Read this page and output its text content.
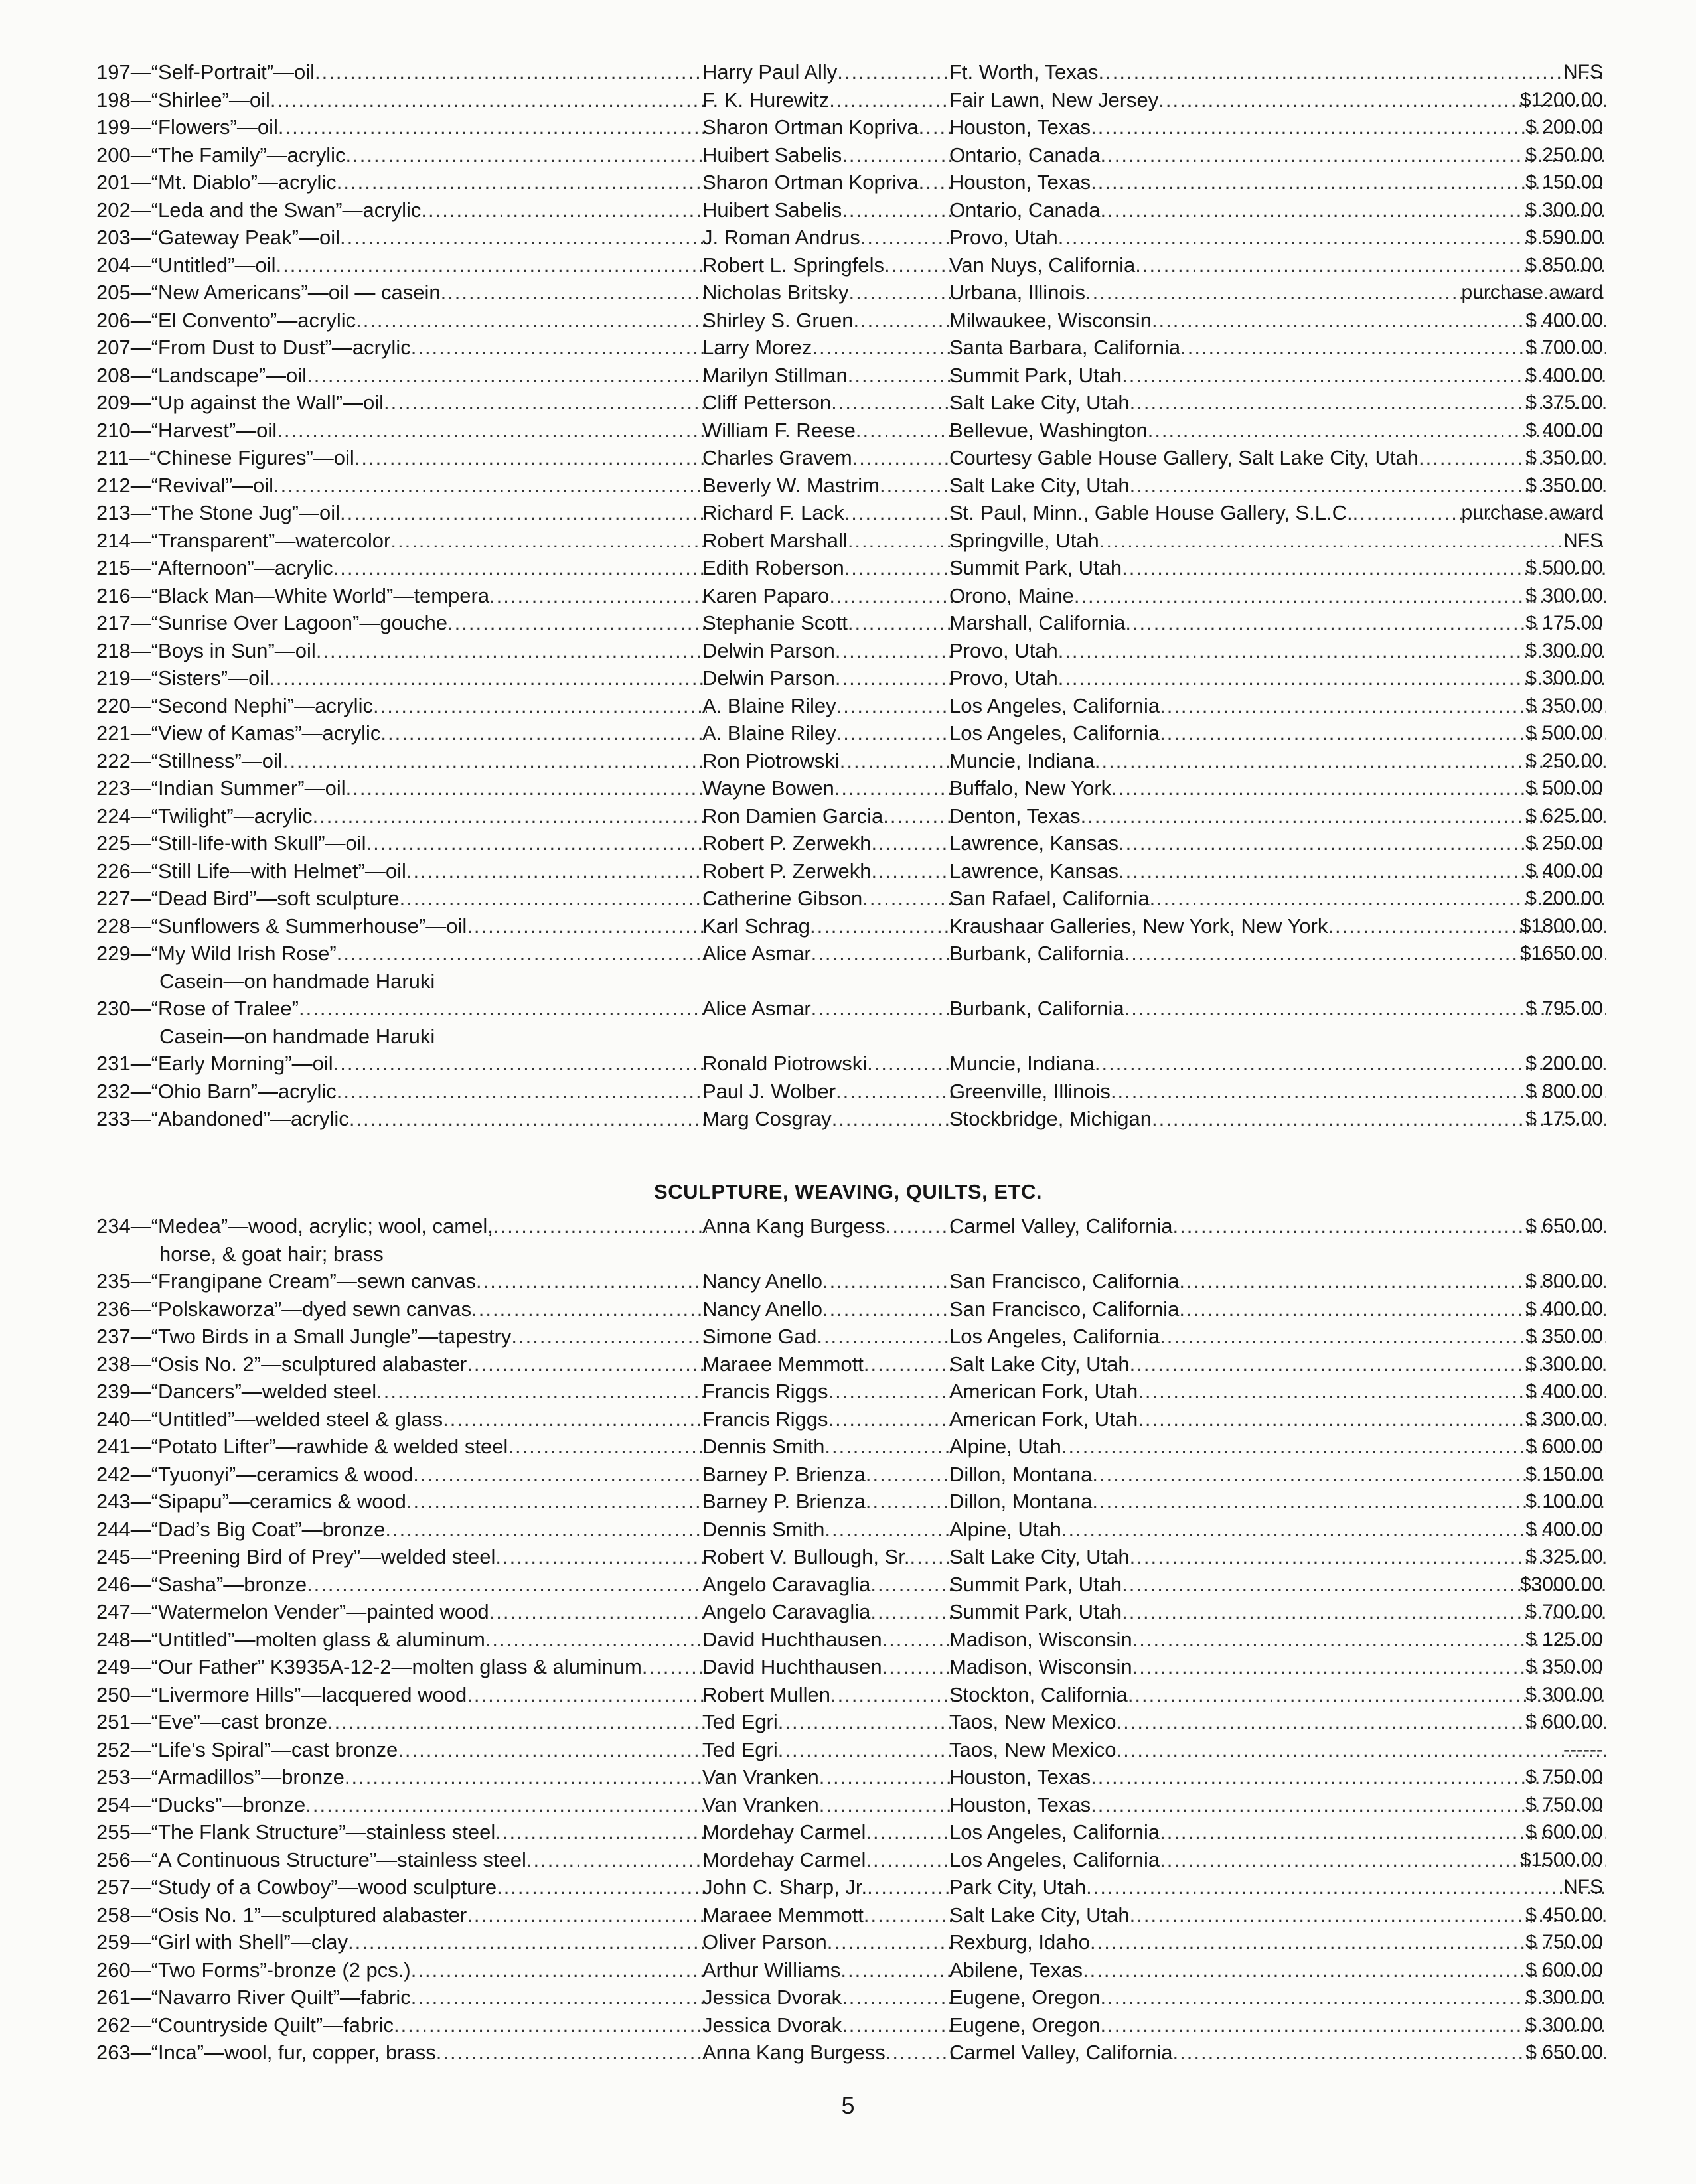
197—“Self-Portrait”—oil .....	Harry Paul Ally .....	Ft. Worth, Texas .....	NFS
198—“Shirlee”—oil .....	F. K. Hurewitz .....	Fair Lawn, New Jersey .....	$1200.00
199—“Flowers”—oil .....	Sharon Ortman Kopriva ..... Houston, Texas .....	$ 200.00
200—“The Family”—acrylic .....	Huibert Sabelis .....	Ontario, Canada .....	$ 250.00
201—“Mt. Diablo”—acrylic .....	Sharon Ortman Kopriva ..... Houston, Texas .....	$ 150.00
202—“Leda and the Swan”—acrylic .....	Huibert Sabelis .....	Ontario, Canada .....	$ 300.00
203—“Gateway Peak”—oil .....	J. Roman Andrus .....	Provo, Utah .....	$ 590.00
204—“Untitled”—oil .....	Robert L. Springfels .....	Van Nuys, California .....	$ 850.00
205—“New Americans”—oil — casein .....	Nicholas Britsky .....	Urbana, Illinois .....	purchase award
206—“El Convento”—acrylic .....	Shirley S. Gruen .....	Milwaukee, Wisconsin .....	$ 400.00
207—“From Dust to Dust”—acrylic .....	Larry Morez .....	Santa Barbara, California .....	$ 700.00
208—“Landscape”—oil .....	Marilyn Stillman .....	Summit Park, Utah .....	$ 400.00
209—“Up against the Wall”—oil .....	Cliff Petterson .....	Salt Lake City, Utah .....	$ 375.00
210—“Harvest”—oil .....	William F. Reese .....	Bellevue, Washington .....	$ 400.00
211—“Chinese Figures”—oil .....	Charles Gravem .....	Courtesy Gable House Gallery, Salt Lake City, Utah .....	$ 350.00
212—“Revival”—oil .....	Beverly W. Mastrim .....	Salt Lake City, Utah .....	$ 350.00
213—“The Stone Jug”—oil .....	Richard F. Lack .....	St. Paul, Minn., Gable House Gallery, S.L.C. .....	purchase award
214—“Transparent”—watercolor .....	Robert Marshall .....	Springville, Utah .....	NFS
215—“Afternoon”—acrylic .....	Edith Roberson .....	Summit Park, Utah .....	$ 500.00
216—“Black Man—White World”—tempera .....	Karen Paparo .....	Orono, Maine .....	$ 300.00
217—“Sunrise Over Lagoon”—gouche .....	Stephanie Scott .....	Marshall, California .....	$ 175.00
218—“Boys in Sun”—oil .....	Delwin Parson .....	Provo, Utah .....	$ 300.00
219—“Sisters”—oil .....	Delwin Parson .....	Provo, Utah .....	$ 300.00
220—“Second Nephi”—acrylic .....	A. Blaine Riley .....	Los Angeles, California .....	$ 350.00
221—“View of Kamas”—acrylic .....	A. Blaine Riley .....	Los Angeles, California .....	$ 500.00
222—“Stillness”—oil .....	Ron Piotrowski .....	Muncie, Indiana .....	$ 250.00
223—“Indian Summer”—oil .....	Wayne Bowen .....	Buffalo, New York .....	$ 500.00
224—“Twilight”—acrylic .....	Ron Damien Garcia .....	Denton, Texas .....	$ 625.00
225—“Still-life-with Skull”—oil .....	Robert P. Zerwekh .....	Lawrence, Kansas .....	$ 250.00
226—“Still Life—with Helmet”—oil .....	Robert P. Zerwekh .....	Lawrence, Kansas .....	$ 400.00
227—“Dead Bird”—soft sculpture .....	Catherine Gibson .....	San Rafael, California .....	$ 200.00
228—“Sunflowers & Summerhouse”—oil .....	Karl Schrag .....	Kraushaar Galleries, New York, New York .....	$1800.00
229—“My Wild Irish Rose” .....	Alice Asmar .....	Burbank, California .....	$1650.00
Casein—on handmade Haruki
230—“Rose of Tralee” .....	Alice Asmar .....	Burbank, California .....	$ 795.00
Casein—on handmade Haruki
231—“Early Morning”—oil .....	Ronald Piotrowski .....	Muncie, Indiana .....	$ 200.00
232—“Ohio Barn”—acrylic .....	Paul J. Wolber .....	Greenville, Illinois .....	$ 800.00
233—“Abandoned”—acrylic .....	Marg Cosgray .....	Stockbridge, Michigan .....	$ 175.00
SCULPTURE, WEAVING, QUILTS, ETC.
234—“Medea”—wood, acrylic; wool, camel, .....	Anna Kang Burgess .....	Carmel Valley, California .....	$ 650.00
horse, & goat hair; brass
235—“Frangipane Cream”—sewn canvas .....	Nancy Anello .....	San Francisco, California .....	$ 800.00
236—“Polskaworza”—dyed sewn canvas .....	Nancy Anello .....	San Francisco, California .....	$ 400.00
237—“Two Birds in a Small Jungle”—tapestry .....	Simone Gad .....	Los Angeles, California .....	$ 350.00
238—“Osis No. 2”—sculptured alabaster .....	Maraee Memmott .....	Salt Lake City, Utah .....	$ 300.00
239—“Dancers”—welded steel .....	Francis Riggs .....	American Fork, Utah .....	$ 400.00
240—“Untitled”—welded steel & glass .....	Francis Riggs .....	American Fork, Utah .....	$ 300.00
241—“Potato Lifter”—rawhide & welded steel .....	Dennis Smith .....	Alpine, Utah .....	$ 600.00
242—“Tyuonyi”—ceramics & wood .....	Barney P. Brienza .....	Dillon, Montana .....	$ 150.00
243—“Sipapu”—ceramics & wood .....	Barney P. Brienza .....	Dillon, Montana .....	$ 100.00
244—“Dad’s Big Coat”—bronze .....	Dennis Smith .....	Alpine, Utah .....	$ 400.00
245—“Preening Bird of Prey”—welded steel .....	Robert V. Bullough, Sr. ..... Salt Lake City, Utah .....	$ 325.00
246—“Sasha”—bronze .....	Angelo Caravaglia .....	Summit Park, Utah .....	$3000.00
247—“Watermelon Vender”—painted wood .....	Angelo Caravaglia .....	Summit Park, Utah .....	$ 700.00
248—“Untitled”—molten glass & aluminum .....	David Huchthausen .....	Madison, Wisconsin .....	$ 125.00
249—“Our Father” K3935A-12-2—molten glass & aluminum .....	David Huchthausen .....	Madison, Wisconsin .....	$ 350.00
250—“Livermore Hills”—lacquered wood .....	Robert Mullen .....	Stockton, California .....	$ 300.00
251—“Eve”—cast bronze .....	Ted Egri .....	Taos, New Mexico .....	$ 600.00
252—“Life’s Spiral”—cast bronze .....	Ted Egri .....	Taos, New Mexico .....	------
253—“Armadillos”—bronze .....	Van Vranken .....	Houston, Texas .....	$ 750.00
254—“Ducks”—bronze .....	Van Vranken .....	Houston, Texas .....	$ 750.00
255—“The Flank Structure”—stainless steel .....	Mordehay Carmel .....	Los Angeles, California .....	$ 600.00
256—“A Continuous Structure”—stainless steel .....	Mordehay Carmel .....	Los Angeles, California .....	$1500.00
257—“Study of a Cowboy”—wood sculpture .....	John C. Sharp, Jr. .....	Park City, Utah .....	NFS
258—“Osis No. 1”—sculptured alabaster .....	Maraee Memmott .....	Salt Lake City, Utah .....	$ 450.00
259—“Girl with Shell”—clay .....	Oliver Parson .....	Rexburg, Idaho .....	$ 750.00
260—“Two Forms”-bronze (2 pcs.) .....	Arthur Williams .....	Abilene, Texas .....	$ 600.00
261—“Navarro River Quilt”—fabric .....	Jessica Dvorak .....	Eugene, Oregon .....	$ 300.00
262—“Countryside Quilt”—fabric .....	Jessica Dvorak .....	Eugene, Oregon .....	$ 300.00
263—“Inca”—wool, fur, copper, brass .....	Anna Kang Burgess .....	Carmel Valley, California .....	$ 650.00
5
